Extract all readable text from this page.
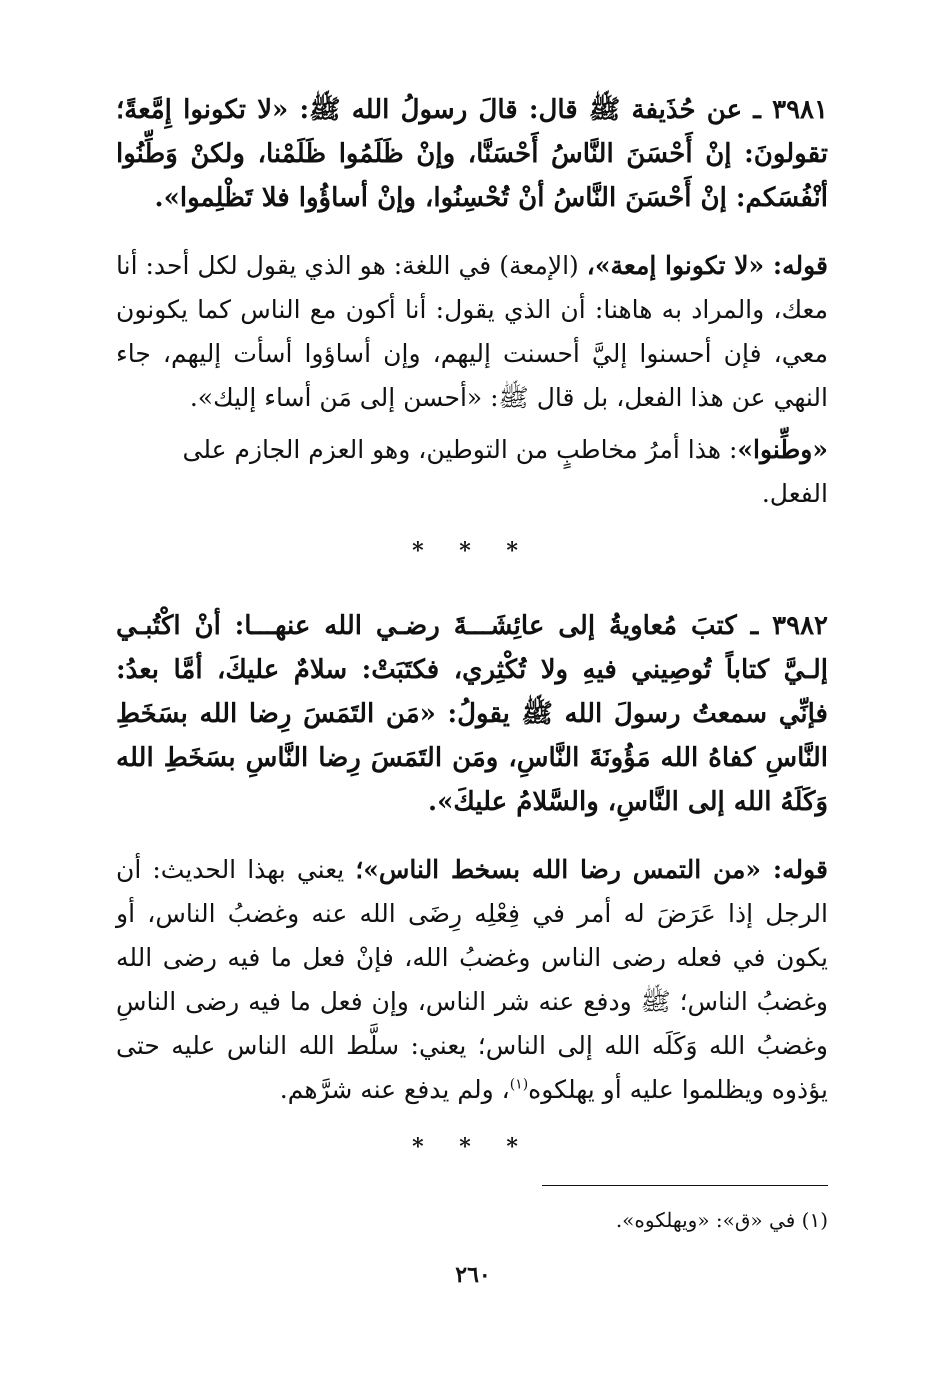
٣٩٨١ ـ عن حُذَيفة ﷺ قال: قالَ رسولُ الله ﷺ: «لا تكونوا إِمَّعةً؛ تقولونَ: إنْ أَحْسَنَ النَّاسُ أَحْسَنَّا، وإنْ ظَلَمُوا ظَلَمْنا، ولكنْ وَطِّنُوا أنْفُسَكم: إنْ أَحْسَنَ النَّاسُ أنْ تُحْسِنُوا، وإنْ أساؤُوا فلا تَظْلِموا».

قوله: «لا تكونوا إمعة»، (الإمعة) في اللغة: هو الذي يقول لكل أحد: أنا معك، والمراد به هاهنا: أن الذي يقول: أنا أكون مع الناس كما يكونون معي، فإن أحسنوا إليَّ أحسنت إليهم، وإن أساؤوا أسأت إليهم، جاء النهي عن هذا الفعل، بل قال ﷺ: «أحسن إلى مَن أساء إليك».

«وطِّنوا»: هذا أمرُ مخاطبٍ من التوطين، وهو العزم الجازم على الفعل.

* * *

٣٩٨٢ ـ كتبَ مُعاويةُ إلى عائِشَـــةَ رضـي الله عنهـــا: أنْ اكْتُبـي إلـيَّ كتاباً تُوصِيني فيهِ ولا تُكْثِري، فكتَبَتْ: سلامٌ عليكَ، أمَّا بعدُ: فإنِّي سمعتُ رسولَ الله ﷺ يقولُ: «مَن التَمَسَ رِضا الله بسَخَطِ النَّاسِ كفاهُ الله مَؤُونَةَ النَّاسِ، ومَن التَمَسَ رِضا النَّاسِ بسَخَطِ الله وَكَلَهُ الله إلى النَّاسِ، والسَّلامُ عليكَ».

قوله: «من التمس رضا الله بسخط الناس»؛ يعني بهذا الحديث: أن الرجل إذا عَرَضَ له أمر في فِعْلِه رِضَى الله عنه وغضبُ الناس، أو يكون في فعله رضى الناس وغضبُ الله، فإنْ فعل ما فيه رضى الله وغضبُ الناس؛ ﷺ ودفع عنه شر الناس، وإن فعل ما فيه رضى الناسِ وغضبُ الله وَكَلَه الله إلى الناس؛ يعني: سلَّط الله الناس عليه حتى يؤذوه ويظلموا عليه أو يهلكوه$^{(١)}$، ولم يدفع عنه شرَّهم.

* * *
(١) في «ق»: «ويهلكوه».
٢٦٠
